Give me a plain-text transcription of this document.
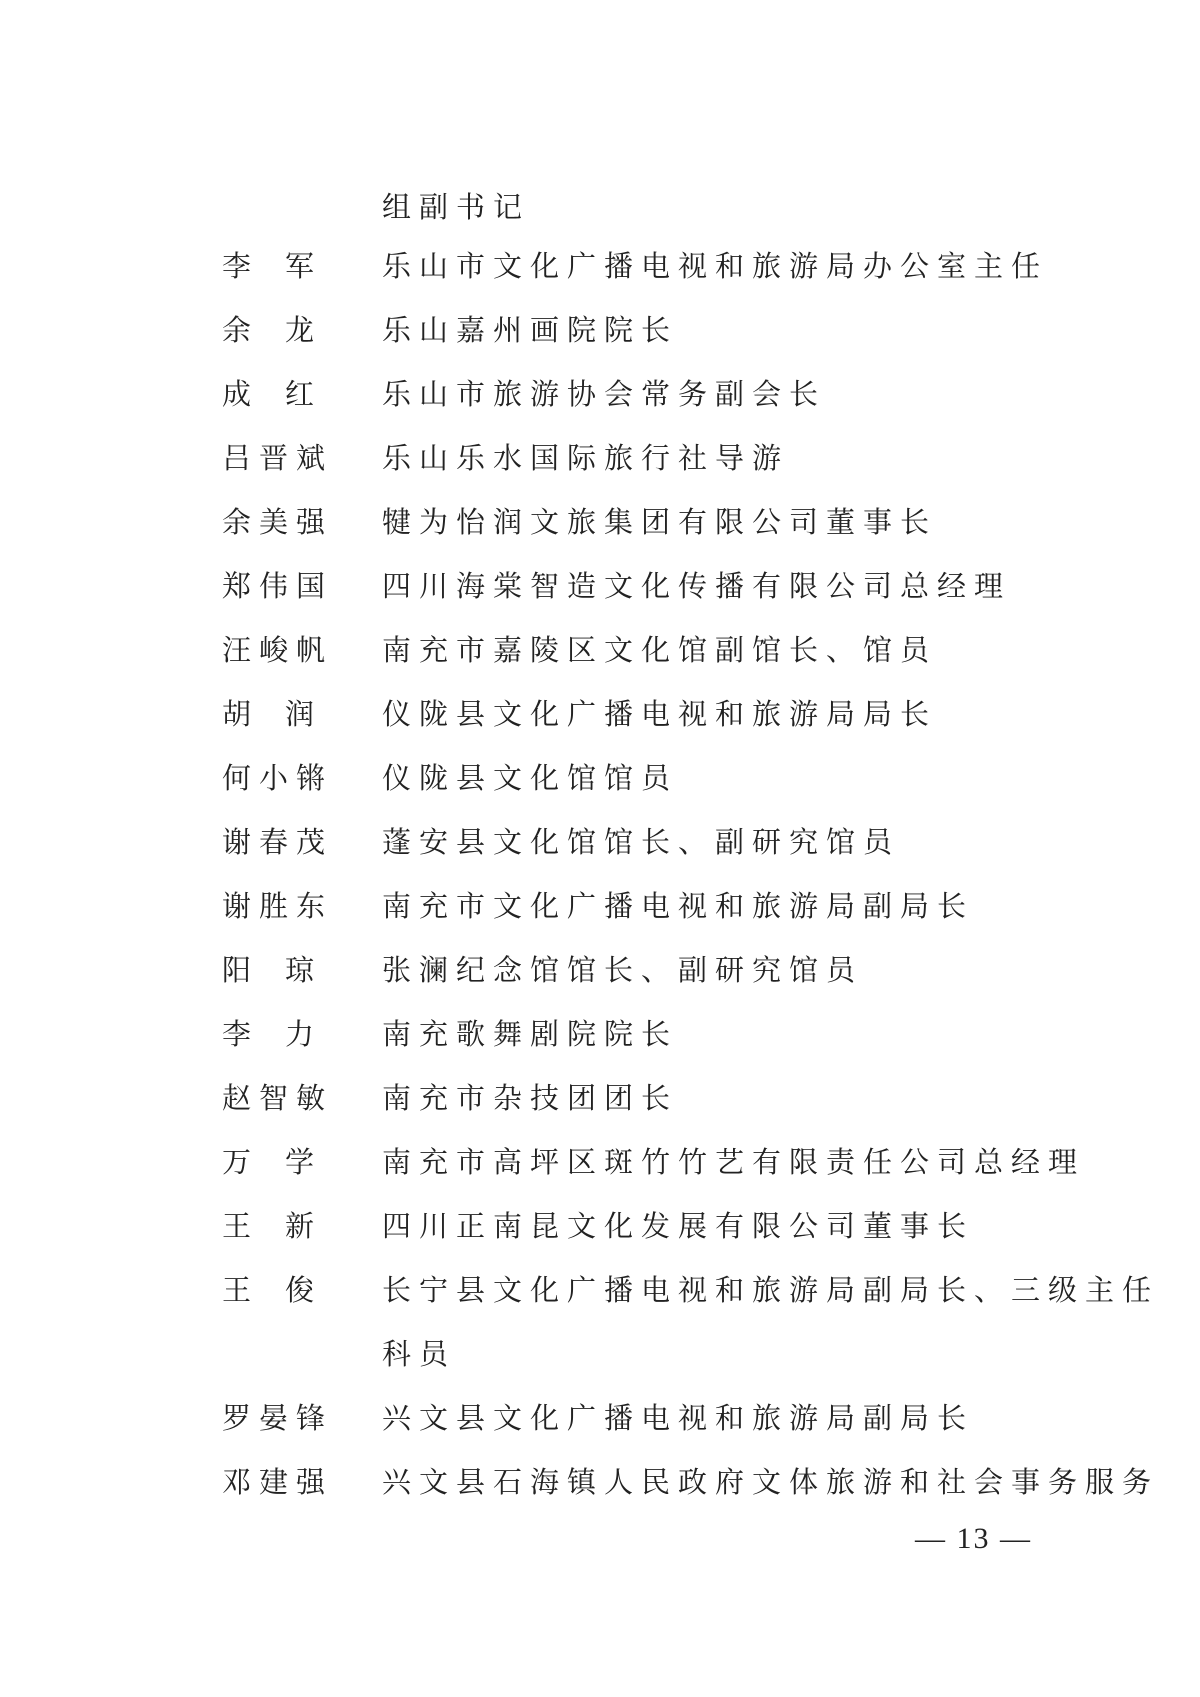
组副书记
李 军 乐山市文化广播电视和旅游局办公室主任
余 龙 乐山嘉州画院院长
成 红 乐山市旅游协会常务副会长
吕 晋 斌 乐山乐水国际旅行社导游
余 美 强 犍为怡润文旅集团有限公司董事长
郑 伟 国 四川海棠智造文化传播有限公司总经理
汪 峻 帆 南充市嘉陵区文化馆副馆长、馆员
胡 润 仪陇县文化广播电视和旅游局局长
何 小 锵 仪陇县文化馆馆员
谢 春 茂 蓬安县文化馆馆长、副研究馆员
谢 胜 东 南充市文化广播电视和旅游局副局长
阳 琼 张澜纪念馆馆长、副研究馆员
李 力 南充歌舞剧院院长
赵 智 敏 南充市杂技团团长
万 学 南充市高坪区斑竹竹艺有限责任公司总经理
王 新 四川正南昆文化发展有限公司董事长
王 俊 长宁县文化广播电视和旅游局副局长、三级主任
科员
罗 晏 锋 兴文县文化广播电视和旅游局副局长
邓 建 强 兴文县石海镇人民政府文体旅游和社会事务服务
— 13 —
